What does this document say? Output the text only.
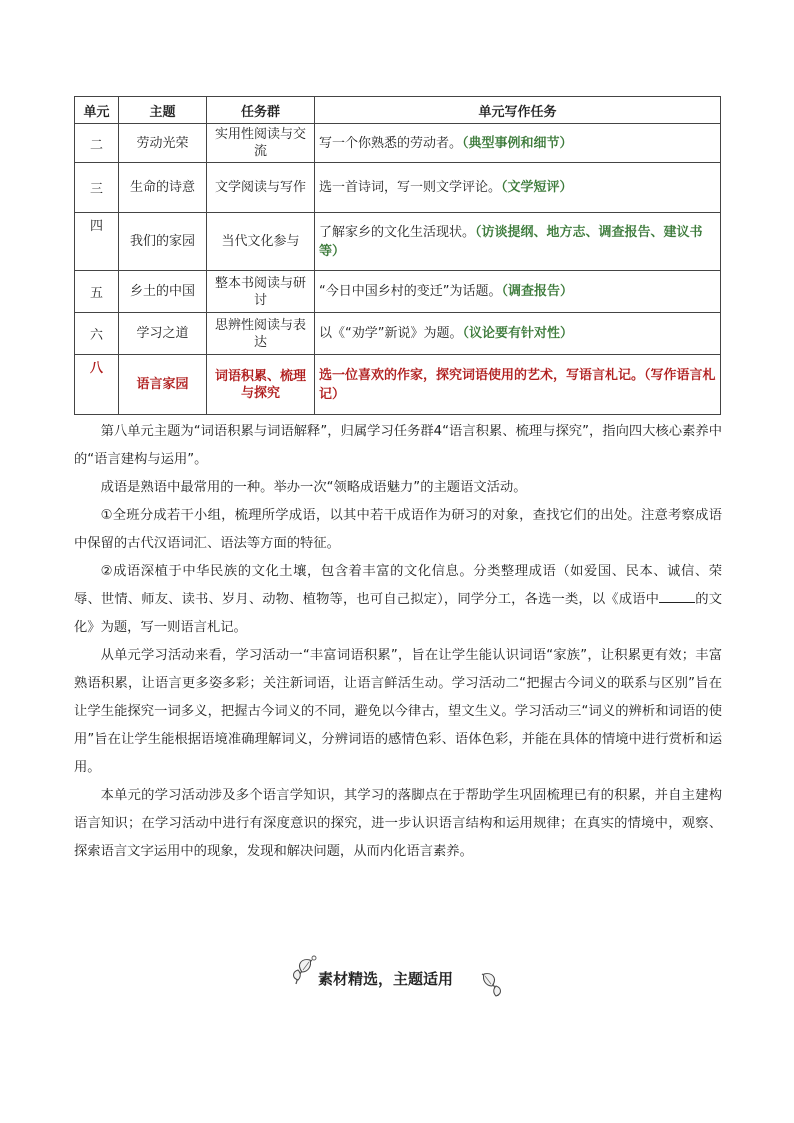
单元	主题	任务群	单元写作任务
二	劳动光荣	实用性阅读与交流	写一个你熟悉的劳动者。（典型事例和细节）
三	生命的诗意	文学阅读与写作	选一首诗词，写一则文学评论。（文学短评）
四	我们的家园	当代文化参与	了解家乡的文化生活现状。（访谈提纲、地方志、调查报告、建议书等）
五	乡土的中国	整本书阅读与研讨	“今日中国乡村的变迁”为话题。（调查报告）
六	学习之道	思辨性阅读与表达	以《“劝学”新说》为题。（议论要有针对性）
八	语言家园	词语积累、梳理与探究	选一位喜欢的作家，探究词语使用的艺术，写语言札记。（写作语言札记）

第八单元主题为“词语积累与词语解释”，归属学习任务群4“语言积累、梳理与探究”，指向四大核心素养中的“语言建构与运用”。

成语是熟语中最常用的一种。举办一次“领略成语魅力”的主题语文活动。

①全班分成若干小组，梳理所学成语，以其中若干成语作为研习的对象，查找它们的出处。注意考察成语中保留的古代汉语词汇、语法等方面的特征。

②成语深植于中华民族的文化土壤，包含着丰富的文化信息。分类整理成语（如爱国、民本、诚信、荣辱、世情、师友、读书、岁月、动物、植物等，也可自己拟定），同学分工，各选一类，以《成语中	的文化》为题，写一则语言札记。

从单元学习活动来看，学习活动一“丰富词语积累”，旨在让学生能认识词语“家族”，让积累更有效；丰富熟语积累，让语言更多姿多彩；关注新词语，让语言鲜活生动。学习活动二“把握古今词义的联系与区别”旨在让学生能探究一词多义，把握古今词义的不同，避免以今律古，望文生义。学习活动三“词义的辨析和词语的使用”旨在让学生能根据语境准确理解词义，分辨词语的感情色彩、语体色彩，并能在具体的情境中进行赏析和运用。

本单元的学习活动涉及多个语言学知识，其学习的落脚点在于帮助学生巩固梳理已有的积累，并自主建构语言知识；在学习活动中进行有深度意识的探究，进一步认识语言结构和运用规律；在真实的情境中，观察、探索语言文字运用中的现象，发现和解决问题，从而内化语言素养。

素材精选，主题适用
